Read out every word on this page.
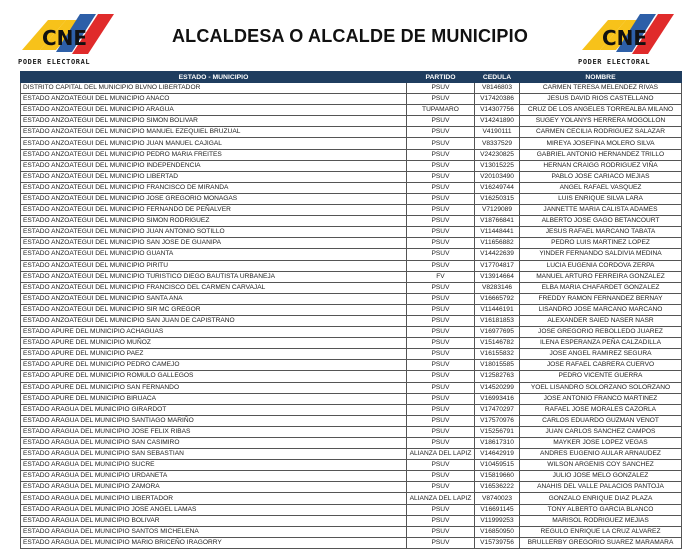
CNE
PODER ELECTORAL
ALCALDESA O ALCALDE DE MUNICIPIO	CNE
PODER ELECTORAL
ESTADO - MUNICIPIO	PARTIDO	CEDULA	NOMBRE
DISTRITO CAPITAL DEL MUNICIPIO BLVNO LIBERTADOR	PSUV	V8146803	CARMEN TERESA MELENDEZ RIVAS
ESTADO ANZOATEGUI DEL MUNICIPIO ANACO	PSUV	V17420386	JESUS DAVID RIOS CASTELLANO
ESTADO ANZOATEGUI DEL MUNICIPIO ARAGUA	TUPAMARO	V14307756	CRUZ DE LOS ANGELES TORREALBA MILANO
ESTADO ANZOATEGUI DEL MUNICIPIO SIMON BOLIVAR	PSUV	V14241890	SUGEY YOLANYS HERRERA MOGOLLON
ESTADO ANZOATEGUI DEL MUNICIPIO MANUEL EZEQUIEL BRUZUAL	PSUV	V4190111	CARMEN CECILIA RODRIGUEZ SALAZAR
ESTADO ANZOATEGUI DEL MUNICIPIO JUAN MANUEL CAJIGAL	PSUV	V8337529	MIREYA JOSEFINA MOLERO SILVA
ESTADO ANZOATEGUI DEL MUNICIPIO PEDRO MARIA FREITES	PSUV	V24230825	GABRIEL ANTONIO HERNANDEZ TRILLO
ESTADO ANZOATEGUI DEL MUNICIPIO INDEPENDENCIA	PSUV	V13015225	HERNAN CRAIGG RODRIGUEZ VIÑA
ESTADO ANZOATEGUI DEL MUNICIPIO LIBERTAD	PSUV	V20103490	PABLO JOSE CARIACO MEJIAS
ESTADO ANZOATEGUI DEL MUNICIPIO FRANCISCO DE MIRANDA	PSUV	V16249744	ANGEL RAFAEL VASQUEZ
ESTADO ANZOATEGUI DEL MUNICIPIO JOSE GREGORIO MONAGAS	PSUV	V16250315	LUIS ENRIQUE SILVA LARA
ESTADO ANZOATEGUI DEL MUNICIPIO FERNANDO DE PEÑALVER	PSUV	V7129089	JANNETTE MARIA CALISTA ADAMES
ESTADO ANZOATEGUI DEL MUNICIPIO SIMON RODRIGUEZ	PSUV	V18766841	ALBERTO JOSE GAGO BETANCOURT
ESTADO ANZOATEGUI DEL MUNICIPIO JUAN ANTONIO SOTILLO	PSUV	V11448441	JESUS RAFAEL MARCANO TABATA
ESTADO ANZOATEGUI DEL MUNICIPIO SAN JOSE DE GUANIPA	PSUV	V11656882	PEDRO LUIS MARTINEZ LOPEZ
ESTADO ANZOATEGUI DEL MUNICIPIO GUANTA	PSUV	V14422639	YINDER FERNANDO SALDIVIA MEDINA
ESTADO ANZOATEGUI DEL MUNICIPIO PIRITU	PSUV	V17704817	LUCIA EUGENIA CORDOVA ZERPA
ESTADO ANZOATEGUI DEL MUNICIPIO TURISTICO DIEGO BAUTISTA URBANEJA	FV	V13914664	MANUEL ARTURO FERREIRA GONZALEZ
ESTADO ANZOATEGUI DEL MUNICIPIO FRANCISCO DEL CARMEN CARVAJAL	PSUV	V8283146	ELBA MARIA CHAFARDET GONZALEZ
ESTADO ANZOATEGUI DEL MUNICIPIO SANTA ANA	PSUV	V16665792	FREDDY RAMON FERNANDEZ BERNAY
ESTADO ANZOATEGUI DEL MUNICIPIO SIR MC GREGOR	PSUV	V11446191	LISANDRO JOSE MARCANO MARCANO
ESTADO ANZOATEGUI DEL MUNICIPIO SAN JUAN DE CAPISTRANO	PSUV	V16181853	ALEXANDER SAIED NASER NASR
ESTADO APURE DEL MUNICIPIO ACHAGUAS	PSUV	V16977695	JOSE GREGORIO REBOLLEDO JUAREZ
ESTADO APURE DEL MUNICIPIO MUÑOZ	PSUV	V15146782	ILENA ESPERANZA PEÑA CALZADILLA
ESTADO APURE DEL MUNICIPIO PAEZ	PSUV	V16155832	JOSE ANGEL RAMIREZ SEGURA
ESTADO APURE DEL MUNICIPIO PEDRO CAMEJO	PSUV	V18015585	JOSE RAFAEL CABRERA CUERVO
ESTADO APURE DEL MUNICIPIO ROMULO GALLEGOS	PSUV	V12582763	PEDRO VICENTE GUERRA
ESTADO APURE DEL MUNICIPIO SAN FERNANDO	PSUV	V14520299	YOEL LISANDRO SOLORZANO SOLORZANO
ESTADO APURE DEL MUNICIPIO BIRUACA	PSUV	V16993416	JOSE ANTONIO FRANCO MARTINEZ
ESTADO ARAGUA DEL MUNICIPIO GIRARDOT	PSUV	V17470297	RAFAEL JOSE MORALES CAZORLA
ESTADO ARAGUA DEL MUNICIPIO SANTIAGO MARIÑO	PSUV	V17570976	CARLOS EDUARDO GUZMAN VENOT
ESTADO ARAGUA DEL MUNICIPIO JOSE FELIX RIBAS	PSUV	V15256791	JUAN CARLOS SANCHEZ CAMPOS
ESTADO ARAGUA DEL MUNICIPIO SAN CASIMIRO	PSUV	V18617310	MAYKER JOSE LOPEZ VEGAS
ESTADO ARAGUA DEL MUNICIPIO SAN SEBASTIAN	ALIANZA DEL LAPIZ	V14642919	ANDRES EUGENIO AULAR ARNAUDEZ
ESTADO ARAGUA DEL MUNICIPIO SUCRE	PSUV	V10459515	WILSON ARGENIS COY SANCHEZ
ESTADO ARAGUA DEL MUNICIPIO URDANETA	PSUV	V15819660	JULIO JOSE MELO GONZALEZ
ESTADO ARAGUA DEL MUNICIPIO ZAMORA	PSUV	V16536222	ANAHIS DEL VALLE PALACIOS PANTOJA
ESTADO ARAGUA DEL MUNICIPIO LIBERTADOR	ALIANZA DEL LAPIZ	V8740023	GONZALO ENRIQUE DIAZ PLAZA
ESTADO ARAGUA DEL MUNICIPIO JOSE ANGEL LAMAS	PSUV	V16691145	TONY ALBERTO GARCIA BLANCO
ESTADO ARAGUA DEL MUNICIPIO BOLIVAR	PSUV	V11999253	MARISOL RODRIGUEZ MEJIAS
ESTADO ARAGUA DEL MUNICIPIO SANTOS MICHELENA	PSUV	V16850950	REGULO ENRIQUE LA CRUZ ALVAREZ
ESTADO ARAGUA DEL MUNICIPIO MARIO BRICEÑO IRAGORRY	PSUV	V15739756	BRULLERBY GREGORIO SUAREZ MARAMARA
